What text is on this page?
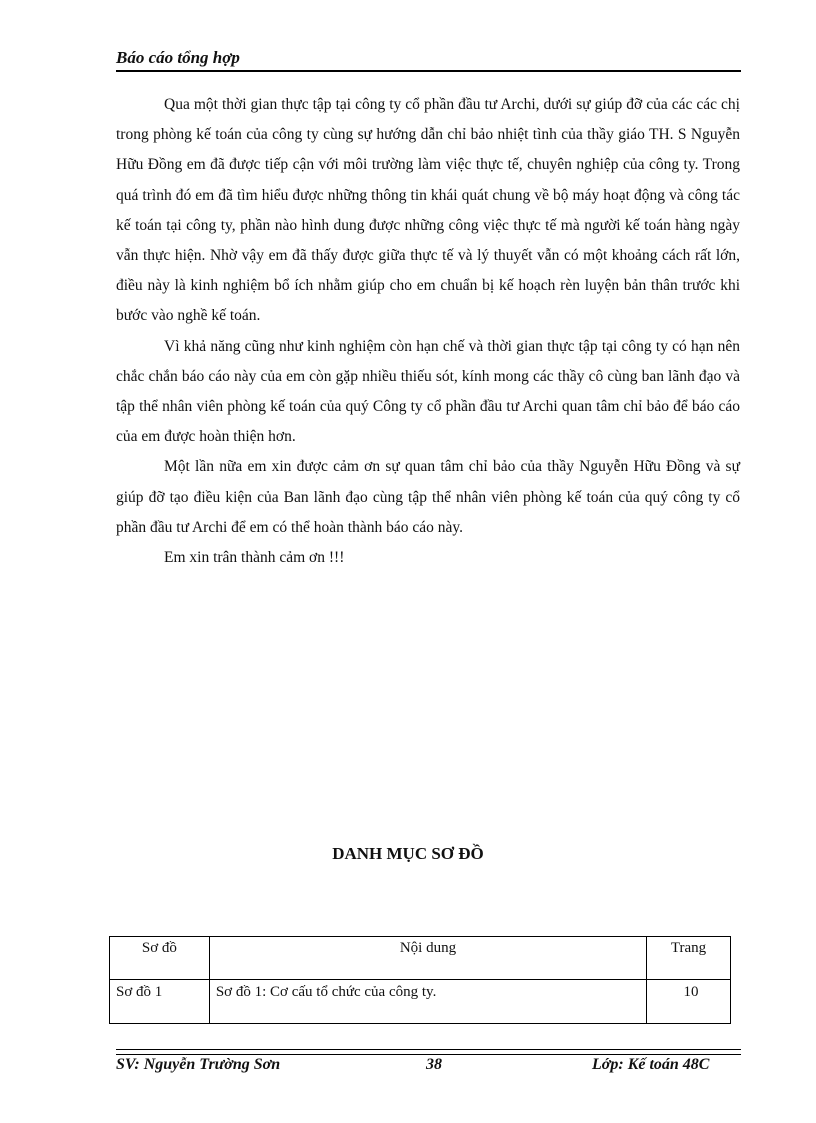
Báo cáo tổng hợp

Qua một thời gian thực tập tại công ty cổ phần đầu tư Archi, dưới sự giúp đỡ của các các chị trong phòng kế toán của công ty cùng sự hướng dẫn chỉ bảo nhiệt tình của thầy giáo TH. S Nguyễn Hữu Đồng em đã được tiếp cận với môi trường làm việc thực tế, chuyên nghiệp của công ty. Trong quá trình đó em đã tìm hiểu được những thông tin khái quát chung về bộ máy hoạt động và công tác kế toán tại công ty, phần nào hình dung được những công việc thực tế mà người kế toán hàng ngày vẫn thực hiện. Nhờ vậy em đã thấy được giữa thực tế và lý thuyết vẫn có một khoảng cách rất lớn, điều này là kinh nghiệm bổ ích nhằm giúp cho em chuẩn bị kế hoạch rèn luyện bản thân trước khi bước vào nghề kế toán.

Vì khả năng cũng như kinh nghiệm còn hạn chế và thời gian thực tập tại công ty có hạn nên chắc chắn báo cáo này của em còn gặp nhiều thiếu sót, kính mong các thầy cô cùng ban lãnh đạo và tập thể nhân viên phòng kế toán của quý Công ty cổ phần đầu tư Archi quan tâm chỉ bảo để báo cáo của em được hoàn thiện hơn.

Một lần nữa em xin được cảm ơn sự quan tâm chỉ bảo của thầy Nguyễn Hữu Đồng và sự giúp đỡ tạo điều kiện của Ban lãnh đạo cùng tập thể nhân viên phòng kế toán của quý công ty cổ phần đầu tư Archi để em có thể hoàn thành báo cáo này.

Em xin trân thành cảm ơn !!!

DANH MỤC SƠ ĐỒ
Sơ đồ	Nội dung	Trang
Sơ đồ 1	Sơ đồ 1: Cơ cấu tổ chức của công ty.	10
SV: Nguyễn Trường Sơn	38	Lớp: Kế toán 48C
